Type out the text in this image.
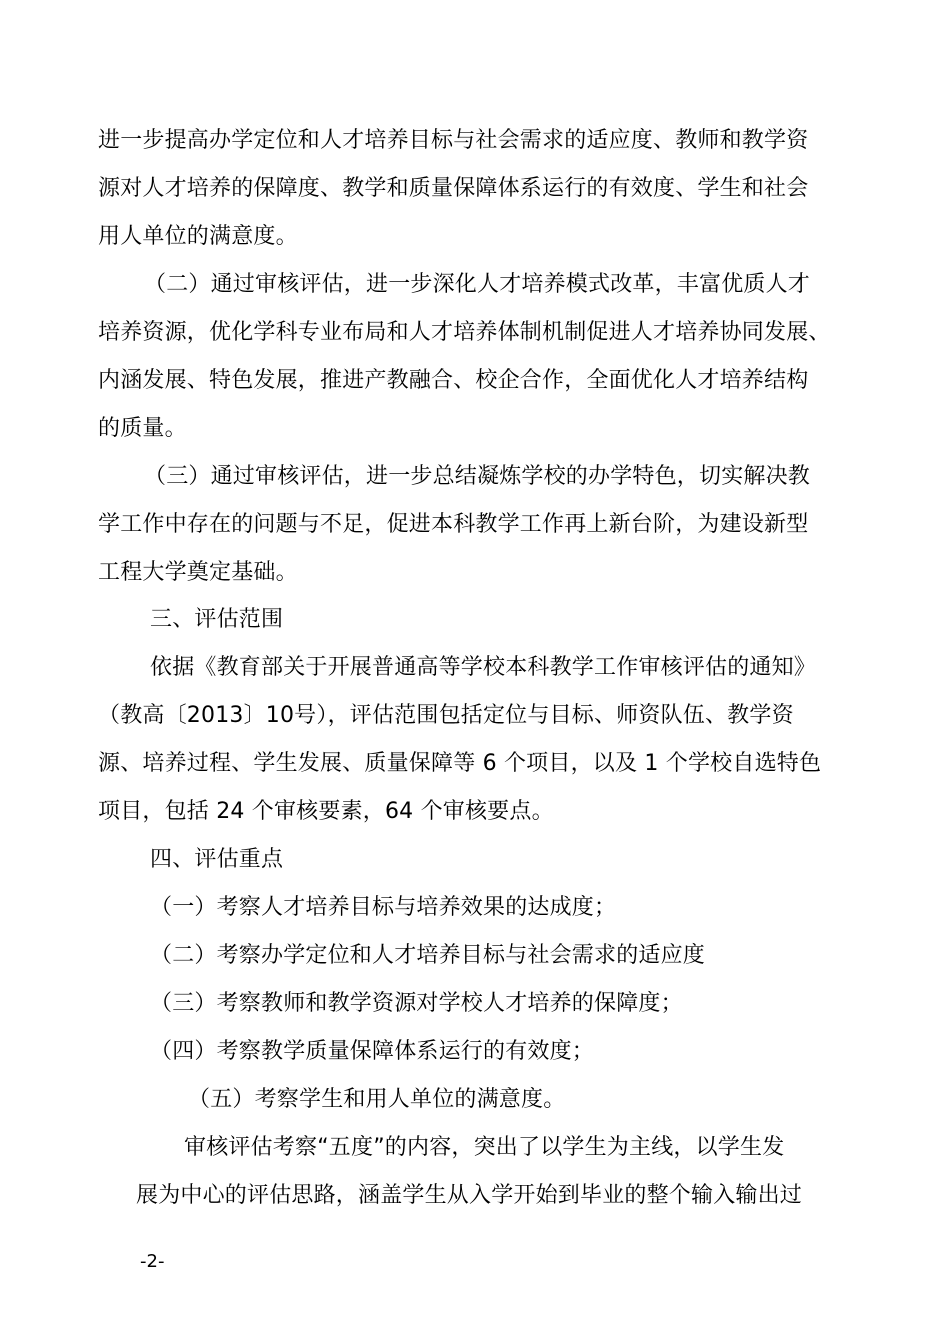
进一步提高办学定位和人才培养目标与社会需求的适应度、教师和教学资
源对人才培养的保障度、教学和质量保障体系运行的有效度、学生和社会
用人单位的满意度。
（二）通过审核评估，进一步深化人才培养模式改革，丰富优质人才
培养资源，优化学科专业布局和人才培养体制机制促进人才培养协同发展、
内涵发展、特色发展，推进产教融合、校企合作，全面优化人才培养结构
的质量。
（三）通过审核评估，进一步总结凝炼学校的办学特色，切实解决教
学工作中存在的问题与不足，促进本科教学工作再上新台阶，为建设新型
工程大学奠定基础。
三、评估范围
依据《教育部关于开展普通高等学校本科教学工作审核评估的通知》
（教高〔2013〕10号），评估范围包括定位与目标、师资队伍、教学资
源、培养过程、学生发展、质量保障等 6 个项目，以及 1 个学校自选特色
项目，包括 24 个审核要素，64 个审核要点。
四、评估重点
（一）考察人才培养目标与培养效果的达成度；
（二）考察办学定位和人才培养目标与社会需求的适应度
（三）考察教师和教学资源对学校人才培养的保障度；
（四）考察教学质量保障体系运行的有效度；
（五）考察学生和用人单位的满意度。
审核评估考察“五度”的内容，突出了以学生为主线，以学生发
展为中心的评估思路，涵盖学生从入学开始到毕业的整个输入输出过
-2-
